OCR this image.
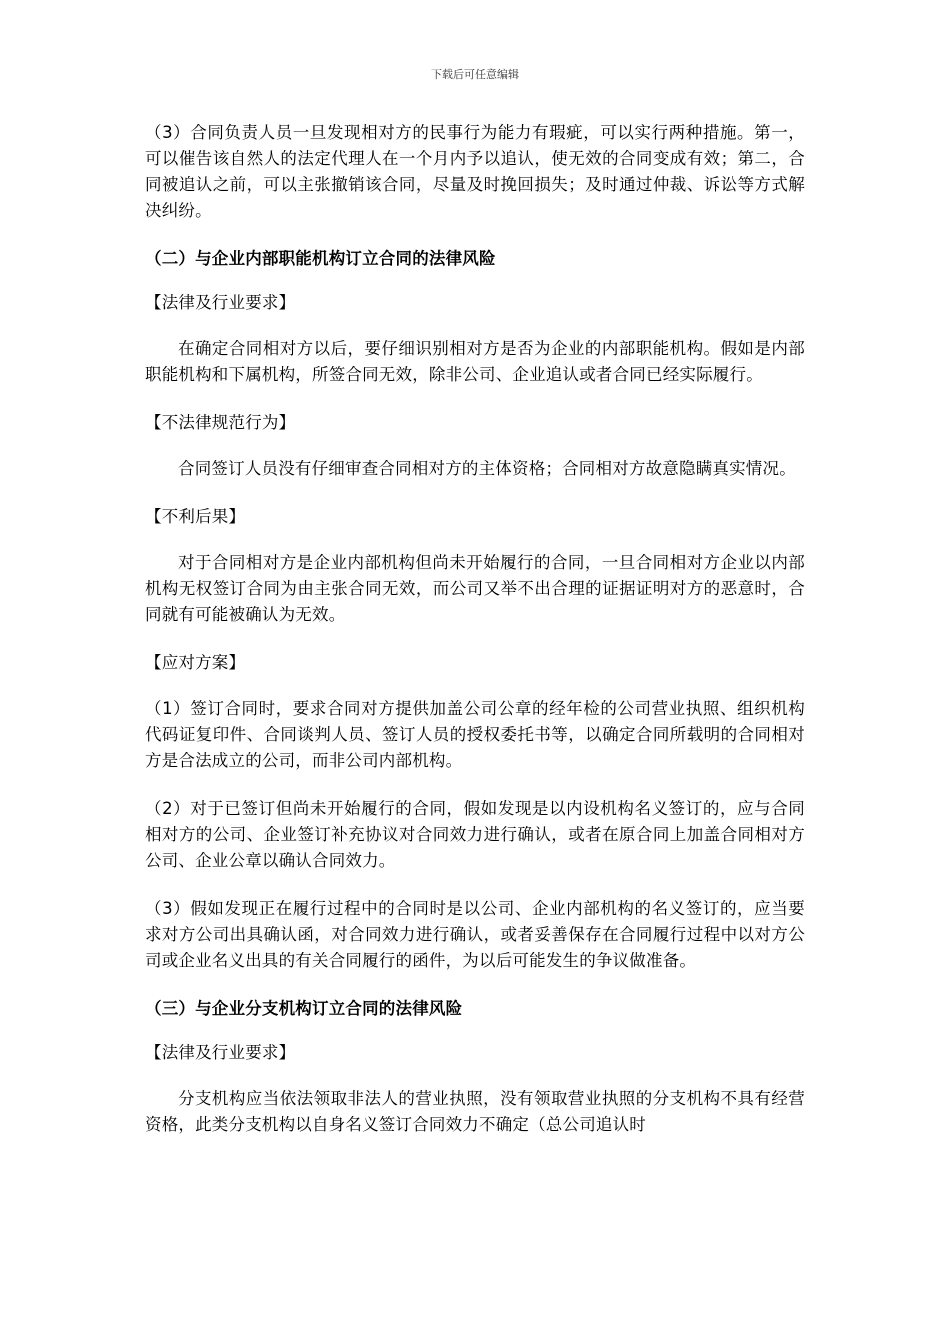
下载后可任意编辑

（3）合同负责人员一旦发现相对方的民事行为能力有瑕疵，可以实行两种措施。第一，可以催告该自然人的法定代理人在一个月内予以追认，使无效的合同变成有效；第二，合同被追认之前，可以主张撤销该合同，尽量及时挽回损失；及时通过仲裁、诉讼等方式解决纠纷。

（二）与企业内部职能机构订立合同的法律风险

【法律及行业要求】

在确定合同相对方以后，要仔细识别相对方是否为企业的内部职能机构。假如是内部职能机构和下属机构，所签合同无效，除非公司、企业追认或者合同已经实际履行。

【不法律规范行为】

合同签订人员没有仔细审查合同相对方的主体资格；合同相对方故意隐瞒真实情况。

【不利后果】

对于合同相对方是企业内部机构但尚未开始履行的合同，一旦合同相对方企业以内部机构无权签订合同为由主张合同无效，而公司又举不出合理的证据证明对方的恶意时，合同就有可能被确认为无效。

【应对方案】

（1）签订合同时，要求合同对方提供加盖公司公章的经年检的公司营业执照、组织机构代码证复印件、合同谈判人员、签订人员的授权委托书等，以确定合同所载明的合同相对方是合法成立的公司，而非公司内部机构。

（2）对于已签订但尚未开始履行的合同，假如发现是以内设机构名义签订的，应与合同相对方的公司、企业签订补充协议对合同效力进行确认，或者在原合同上加盖合同相对方公司、企业公章以确认合同效力。

（3）假如发现正在履行过程中的合同时是以公司、企业内部机构的名义签订的，应当要求对方公司出具确认函，对合同效力进行确认，或者妥善保存在合同履行过程中以对方公司或企业名义出具的有关合同履行的函件，为以后可能发生的争议做准备。

（三）与企业分支机构订立合同的法律风险

【法律及行业要求】

分支机构应当依法领取非法人的营业执照，没有领取营业执照的分支机构不具有经营资格，此类分支机构以自身名义签订合同效力不确定（总公司追认时
